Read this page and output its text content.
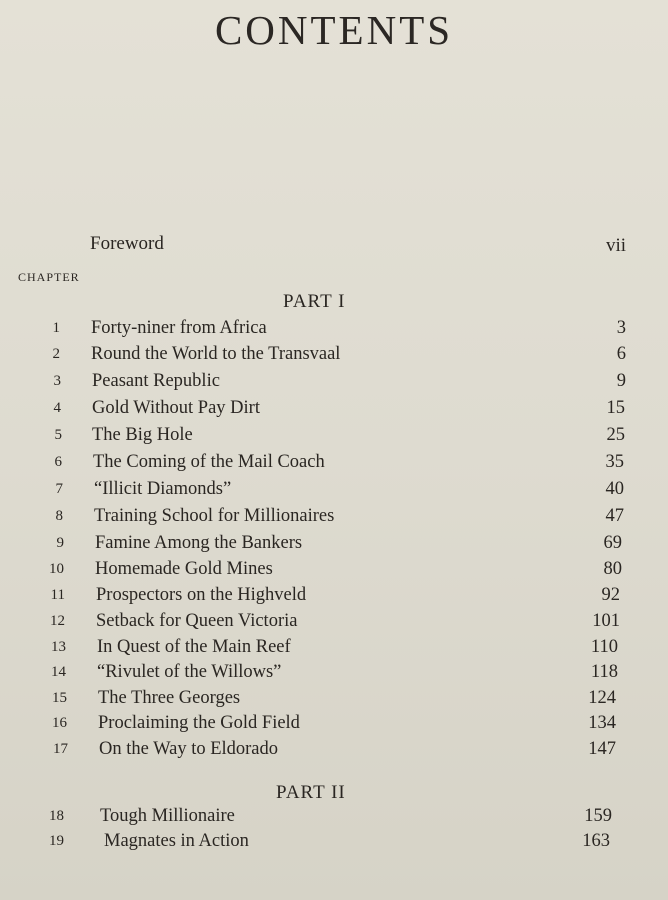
CONTENTS
Foreword	vii
CHAPTER
PART I
PART II
1 Forty-niner from Africa	3
2 Round the World to the Transvaal	6
3 Peasant Republic	9
4 Gold Without Pay Dirt	15
5 The Big Hole	25
6 The Coming of the Mail Coach	35
7 “Illicit Diamonds”	40
8 Training School for Millionaires	47
9 Famine Among the Bankers	69
10 Homemade Gold Mines	80
11 Prospectors on the Highveld	92
12 Setback for Queen Victoria	101
13 In Quest of the Main Reef	110
14 “Rivulet of the Willows”	118
15 The Three Georges	124
16 Proclaiming the Gold Field	134
17 On the Way to Eldorado	147
18 Tough Millionaire	159
19 Magnates in Action	163
